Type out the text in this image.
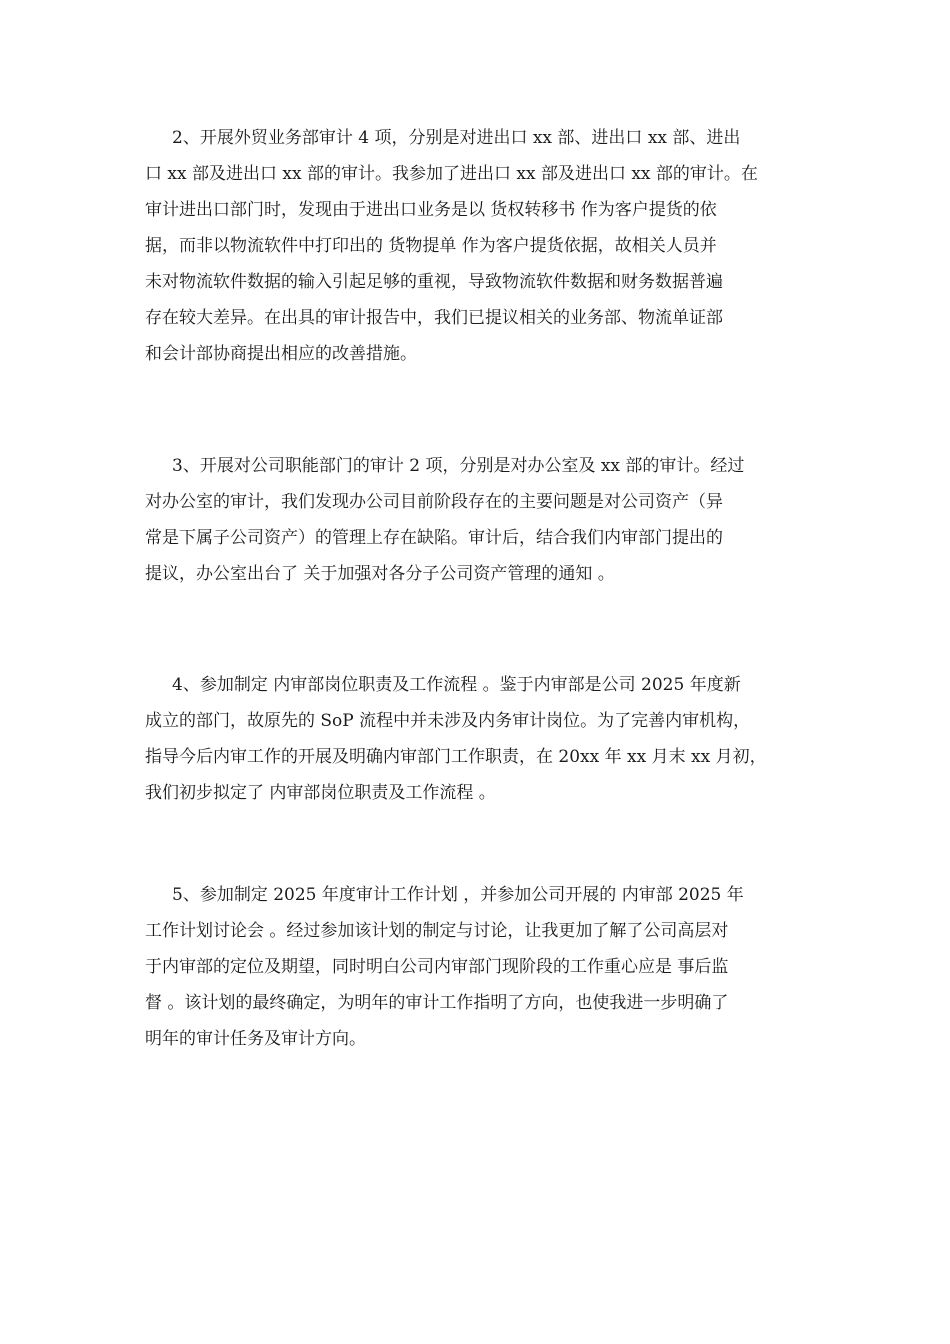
2、开展外贸业务部审计 4 项，分别是对进出口 xx 部、进出口 xx 部、进出
口 xx 部及进出口 xx 部的审计。我参加了进出口 xx 部及进出口 xx 部的审计。在
审计进出口部门时，发现由于进出口业务是以 货权转移书 作为客户提货的依
据，而非以物流软件中打印出的 货物提单 作为客户提货依据，故相关人员并
未对物流软件数据的输入引起足够的重视，导致物流软件数据和财务数据普遍
存在较大差异。在出具的审计报告中，我们已提议相关的业务部、物流单证部
和会计部协商提出相应的改善措施。
3、开展对公司职能部门的审计 2 项，分别是对办公室及 xx 部的审计。经过
对办公室的审计，我们发现办公司目前阶段存在的主要问题是对公司资产（异
常是下属子公司资产）的管理上存在缺陷。审计后，结合我们内审部门提出的
提议，办公室出台了 关于加强对各分子公司资产管理的通知 。
4、参加制定 内审部岗位职责及工作流程 。鉴于内审部是公司 2025 年度新
成立的部门，故原先的 SoP 流程中并未涉及内务审计岗位。为了完善内审机构，
指导今后内审工作的开展及明确内审部门工作职责，在 20xx 年 xx 月末 xx 月初，
我们初步拟定了 内审部岗位职责及工作流程 。
5、参加制定 2025 年度审计工作计划 ，并参加公司开展的 内审部 2025 年
工作计划讨论会 。经过参加该计划的制定与讨论，让我更加了解了公司高层对
于内审部的定位及期望，同时明白公司内审部门现阶段的工作重心应是 事后监
督 。该计划的最终确定，为明年的审计工作指明了方向，也使我进一步明确了
明年的审计任务及审计方向。
